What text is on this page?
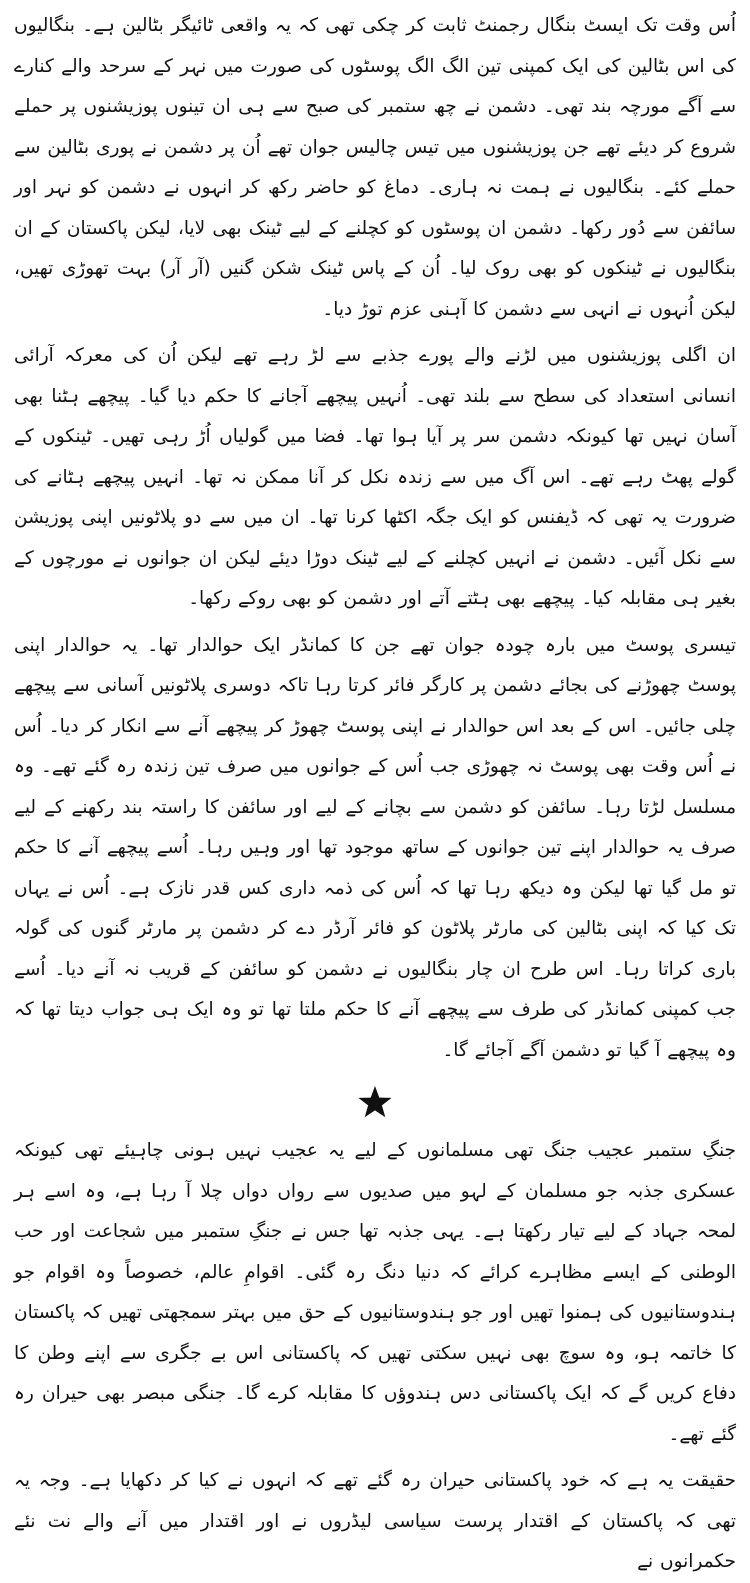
اُس وقت تک ایسٹ بنگال رجمنٹ ثابت کر چکی تھی کہ یہ واقعی ٹائیگر بٹالین ہے۔ بنگالیوں کی اس بٹالین کی ایک کمپنی تین الگ الگ پوسٹوں کی صورت میں نہر کے سرحد والے کنارے سے آگے مورچہ بند تھی۔ دشمن نے چھ ستمبر کی صبح سے ہی ان تینوں پوزیشنوں پر حملے شروع کر دیئے تھے جن پوزیشنوں میں تیس چالیس جوان تھے اُن پر دشمن نے پوری بٹالین سے حملے کئے۔ بنگالیوں نے ہمت نہ ہاری۔ دماغ کو حاضر رکھ کر انہوں نے دشمن کو نہر اور سائفن سے دُور رکھا۔ دشمن ان پوسٹوں کو کچلنے کے لیے ٹینک بھی لایا، لیکن پاکستان کے ان بنگالیوں نے ٹینکوں کو بھی روک لیا۔ اُن کے پاس ٹینک شکن گنیں (آر آر) بہت تھوڑی تھیں، لیکن اُنہوں نے انہی سے دشمن کا آہنی عزم توڑ دیا۔

ان اگلی پوزیشنوں میں لڑنے والے پورے جذبے سے لڑ رہے تھے لیکن اُن کی معرکہ آرائی انسانی استعداد کی سطح سے بلند تھی۔ اُنہیں پیچھے آجانے کا حکم دیا گیا۔ پیچھے ہٹنا بھی آسان نہیں تھا کیونکہ دشمن سر پر آیا ہوا تھا۔ فضا میں گولیاں اُڑ رہی تھیں۔ ٹینکوں کے گولے پھٹ رہے تھے۔ اس آگ میں سے زندہ نکل کر آنا ممکن نہ تھا۔ انہیں پیچھے ہٹانے کی ضرورت یہ تھی کہ ڈیفنس کو ایک جگہ اکٹھا کرنا تھا۔ ان میں سے دو پلاٹونیں اپنی پوزیشن سے نکل آئیں۔ دشمن نے انہیں کچلنے کے لیے ٹینک دوڑا دیئے لیکن ان جوانوں نے مورچوں کے بغیر ہی مقابلہ کیا۔ پیچھے بھی ہٹتے آتے اور دشمن کو بھی روکے رکھا۔

تیسری پوسٹ میں بارہ چودہ جوان تھے جن کا کمانڈر ایک حوالدار تھا۔ یہ حوالدار اپنی پوسٹ چھوڑنے کی بجائے دشمن پر کارگر فائر کرتا رہا تاکہ دوسری پلاٹونیں آسانی سے پیچھے چلی جائیں۔ اس کے بعد اس حوالدار نے اپنی پوسٹ چھوڑ کر پیچھے آنے سے انکار کر دیا۔ اُس نے اُس وقت بھی پوسٹ نہ چھوڑی جب اُس کے جوانوں میں صرف تین زندہ رہ گئے تھے۔ وہ مسلسل لڑتا رہا۔ سائفن کو دشمن سے بچانے کے لیے اور سائفن کا راستہ بند رکھنے کے لیے صرف یہ حوالدار اپنے تین جوانوں کے ساتھ موجود تھا اور وہیں رہا۔ اُسے پیچھے آنے کا حکم تو مل گیا تھا لیکن وہ دیکھ رہا تھا کہ اُس کی ذمہ داری کس قدر نازک ہے۔ اُس نے یہاں تک کیا کہ اپنی بٹالین کی مارٹر پلاٹون کو فائر آرڈر دے کر دشمن پر مارٹر گنوں کی گولہ باری کراتا رہا۔ اس طرح ان چار بنگالیوں نے دشمن کو سائفن کے قریب نہ آنے دیا۔ اُسے جب کمپنی کمانڈر کی طرف سے پیچھے آنے کا حکم ملتا تھا تو وہ ایک ہی جواب دیتا تھا کہ وہ پیچھے آ گیا تو دشمن آگے آجائے گا۔

جنگِ ستمبر عجیب جنگ تھی مسلمانوں کے لیے یہ عجیب نہیں ہونی چاہیئے تھی کیونکہ عسکری جذبہ جو مسلمان کے لہو میں صدیوں سے رواں دواں چلا آ رہا ہے، وہ اسے ہر لمحہ جہاد کے لیے تیار رکھتا ہے۔ یہی جذبہ تھا جس نے جنگِ ستمبر میں شجاعت اور حب الوطنی کے ایسے مظاہرے کرائے کہ دنیا دنگ رہ گئی۔ اقوامِ عالم، خصوصاً وہ اقوام جو ہندوستانیوں کی ہمنوا تھیں اور جو ہندوستانیوں کے حق میں بہتر سمجھتی تھیں کہ پاکستان کا خاتمہ ہو، وہ سوچ بھی نہیں سکتی تھیں کہ پاکستانی اس بے جگری سے اپنے وطن کا دفاع کریں گے کہ ایک پاکستانی دس ہندوؤں کا مقابلہ کرے گا۔ جنگی مبصر بھی حیران رہ گئے تھے۔

حقیقت یہ ہے کہ خود پاکستانی حیران رہ گئے تھے کہ انہوں نے کیا کر دکھایا ہے۔ وجہ یہ تھی کہ پاکستان کے اقتدار پرست سیاسی لیڈروں نے اور اقتدار میں آنے والے نت نئے حکمرانوں نے
